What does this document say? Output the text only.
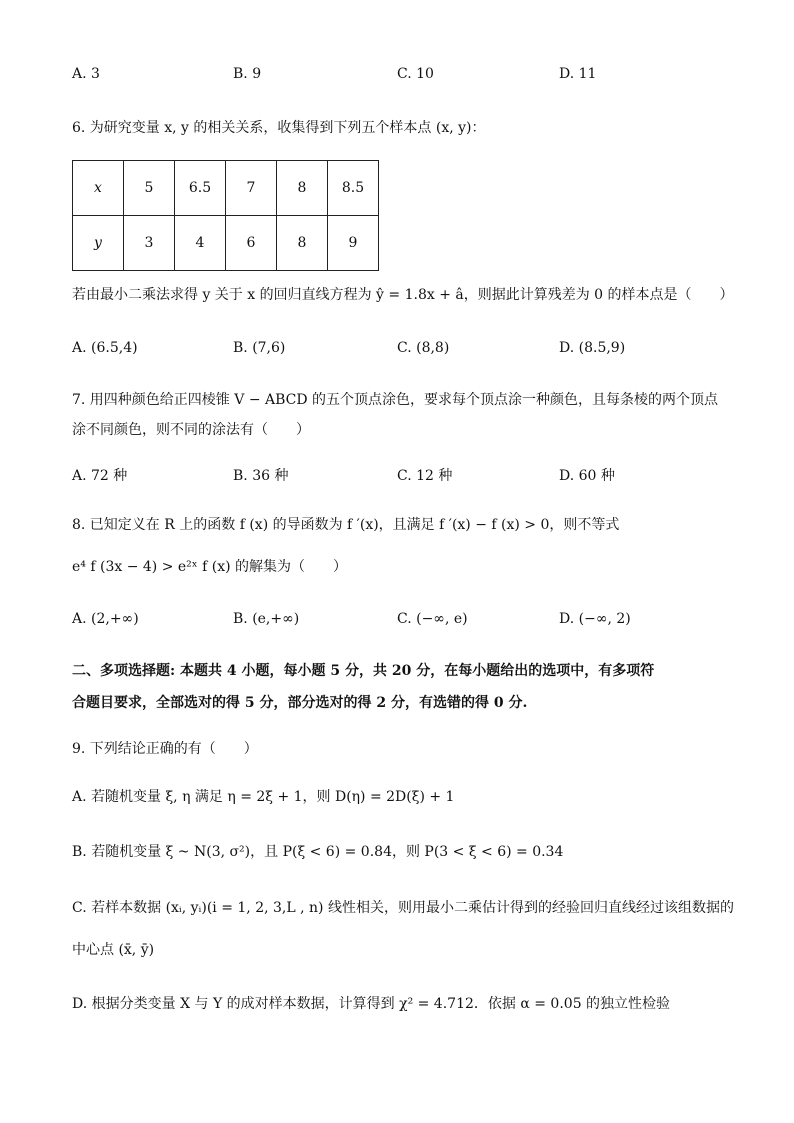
A. 3	B. 9	C. 10	D. 11
6. 为研究变量 x, y 的相关关系，收集得到下列五个样本点 (x, y)：
x	5	6.5	7	8	8.5
y	3	4	6	8	9
若由最小二乘法求得 y 关于 x 的回归直线方程为 ŷ = 1.8x + â，则据此计算残差为 0 的样本点是（　　）
A. (6.5,4)	B. (7,6)	C. (8,8)	D. (8.5,9)
7. 用四种颜色给正四棱锥 V − ABCD 的五个顶点涂色，要求每个顶点涂一种颜色，且每条棱的两个顶点
涂不同颜色，则不同的涂法有（　　）
A. 72 种	B. 36 种	C. 12 种	D. 60 种
8. 已知定义在 R 上的函数 f (x) 的导函数为 f ′(x)，且满足 f ′(x) − f (x) > 0，则不等式
e⁴ f (3x − 4) > e²ˣ f (x) 的解集为（　　）
A. (2,+∞)	B. (e,+∞)	C. (−∞, e)	D. (−∞, 2)
二、多项选择题: 本题共 4 小题，每小题 5 分，共 20 分，在每小题给出的选项中，有多项符
合题目要求，全部选对的得 5 分，部分选对的得 2 分，有选错的得 0 分.
9. 下列结论正确的有（　　）
A. 若随机变量 ξ, η 满足 η = 2ξ + 1，则 D(η) = 2D(ξ) + 1
B. 若随机变量 ξ ~ N(3, σ²)，且 P(ξ < 6) = 0.84，则 P(3 < ξ < 6) = 0.34
C. 若样本数据 (xᵢ, yᵢ)(i = 1, 2, 3,L , n) 线性相关，则用最小二乘估计得到的经验回归直线经过该组数据的
中心点 (x̄, ȳ)
D. 根据分类变量 X 与 Y 的成对样本数据，计算得到 χ² = 4.712．依据 α = 0.05 的独立性检验
